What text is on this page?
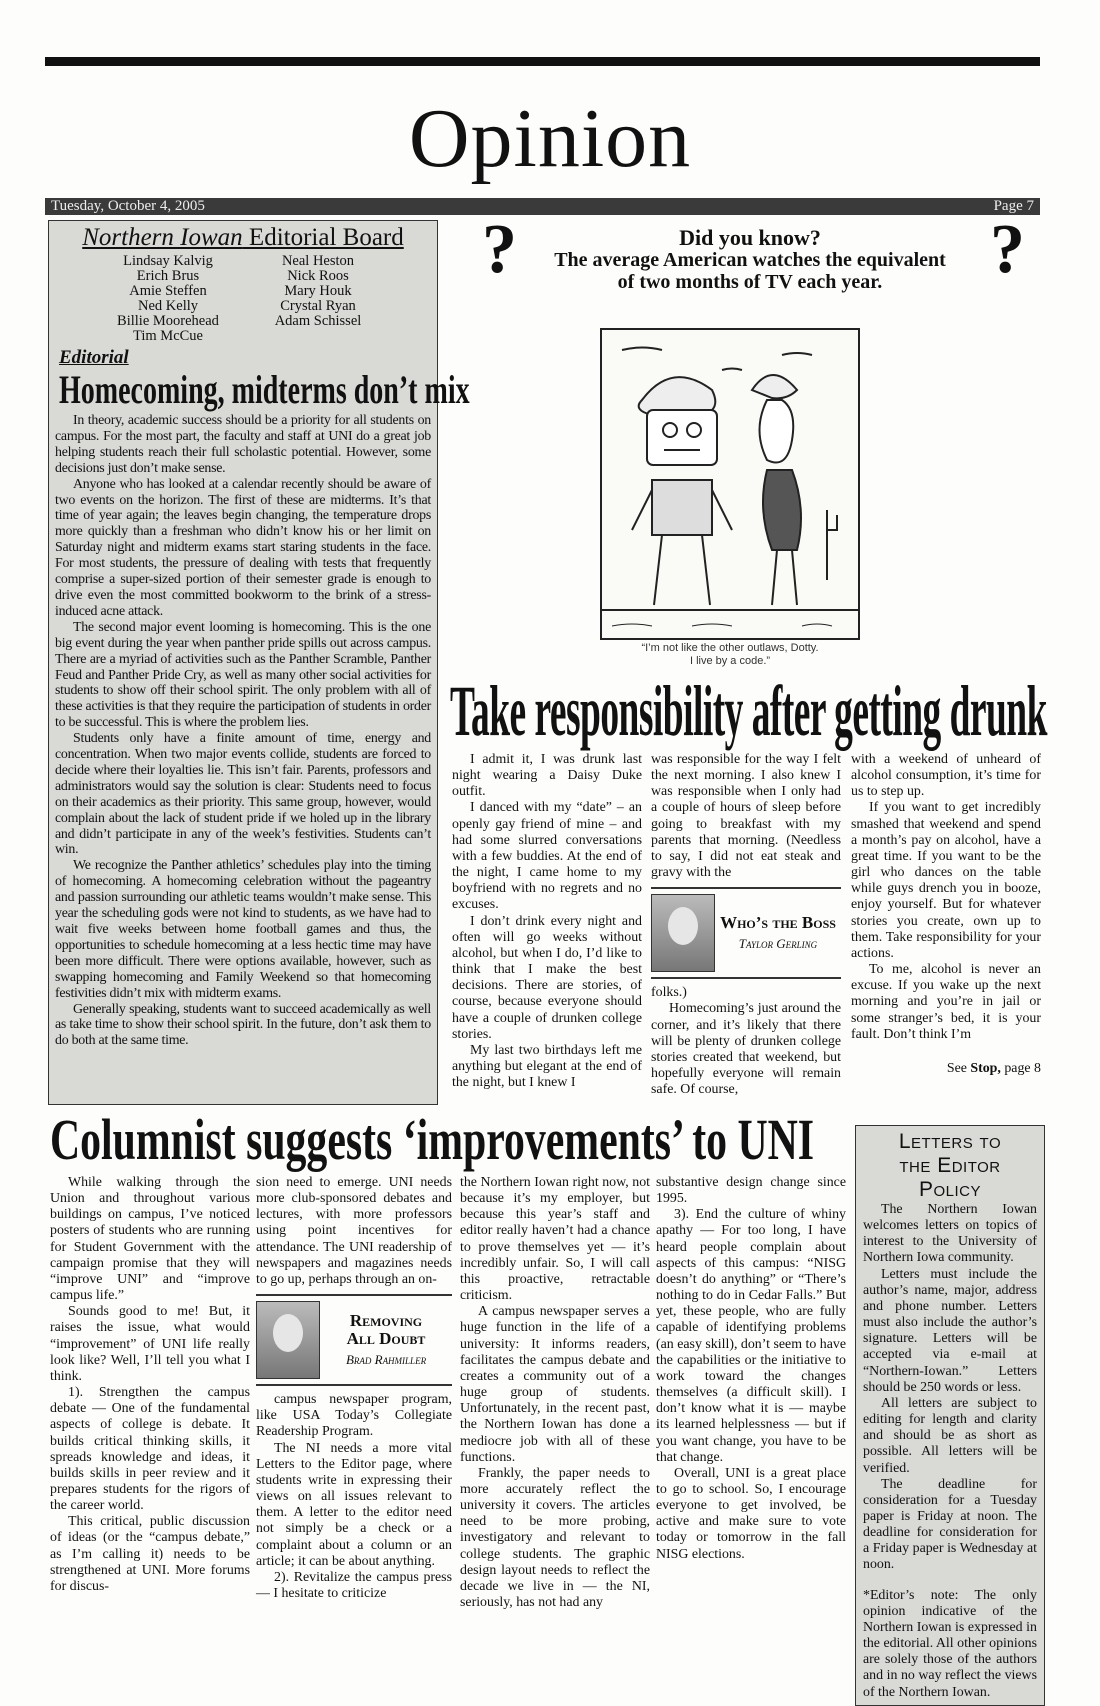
Opinion
Tuesday, October 4, 2005	Page 7
Northern Iowan Editorial Board
Lindsay Kalvig
Erich Brus
Amie Steffen
Ned Kelly
Billie Moorehead
Tim McCue
Neal Heston
Nick Roos
Mary Houk
Crystal Ryan
Adam Schissel
Editorial
Homecoming, midterms don’t mix

In theory, academic success should be a priority for all students on campus. For the most part, the faculty and staff at UNI do a great job helping students reach their full scholastic potential. However, some decisions just don’t make sense.

Anyone who has looked at a calendar recently should be aware of two events on the horizon. The first of these are midterms. It’s that time of year again; the leaves begin changing, the temperature drops more quickly than a freshman who didn’t know his or her limit on Saturday night and midterm exams start staring students in the face. For most students, the pressure of dealing with tests that frequently comprise a super-sized portion of their semester grade is enough to drive even the most committed bookworm to the brink of a stress-induced acne attack.

The second major event looming is homecoming. This is the one big event during the year when panther pride spills out across campus. There are a myriad of activities such as the Panther Scramble, Panther Feud and Panther Pride Cry, as well as many other social activities for students to show off their school spirit. The only problem with all of these activities is that they require the participation of students in order to be successful. This is where the problem lies.

Students only have a finite amount of time, energy and concentration. When two major events collide, students are forced to decide where their loyalties lie. This isn’t fair. Parents, professors and administrators would say the solution is clear: Students need to focus on their academics as their priority. This same group, however, would complain about the lack of student pride if we holed up in the library and didn’t participate in any of the week’s festivities. Students can’t win.

We recognize the Panther athletics’ schedules play into the timing of homecoming. A homecoming celebration without the pageantry and passion surrounding our athletic teams wouldn’t make sense. This year the scheduling gods were not kind to students, as we have had to wait five weeks between home football games and thus, the opportunities to schedule homecoming at a less hectic time may have been more difficult. There were options available, however, such as swapping homecoming and Family Weekend so that homecoming festivities didn’t mix with midterm exams.

Generally speaking, students want to succeed academically as well as take time to show their school spirit. In the future, don’t ask them to do both at the same time.

?	?
Did you know?
The average American watches the equivalent
of two months of TV each year.
“I’m not like the other outlaws, Dotty.
I live by a code.”
Take responsibility after getting drunk

I admit it, I was drunk last night wearing a Daisy Duke outfit.

I danced with my “date” – an openly gay friend of mine – and had some slurred conversations with a few buddies. At the end of the night, I came home to my boyfriend with no regrets and no excuses.

I don’t drink every night and often will go weeks without alcohol, but when I do, I’d like to think that I make the best decisions. There are stories, of course, because everyone should have a couple of drunken college stories.

My last two birthdays left me anything but elegant at the end of the night, but I knew I

was responsible for the way I felt the next morning. I also knew I was responsible when I only had a couple of hours of sleep before going to breakfast with my parents that morning. (Needless to say, I did not eat steak and gravy with the

Who’s the Boss
Taylor Gerling

folks.)

Homecoming’s just around the corner, and it’s likely that there will be plenty of drunken college stories created that weekend, but hopefully everyone will remain safe. Of course,

with a weekend of unheard of alcohol consumption, it’s time for us to step up.

If you want to get incredibly smashed that weekend and spend a month’s pay on alcohol, have a great time. If you want to be the girl who dances on the table while guys drench you in booze, enjoy yourself. But for whatever stories you create, own up to them. Take responsibility for your actions.

To me, alcohol is never an excuse. If you wake up the next morning and you’re in jail or some stranger’s bed, it is your fault. Don’t think I’m

See Stop, page 8
Columnist suggests ‘improvements’ to UNI

While walking through the Union and throughout various buildings on campus, I’ve noticed posters of students who are running for Student Government with the campaign promise that they will “improve UNI” and “improve campus life.”

Sounds good to me! But, it raises the issue, what would “improvement” of UNI life really look like? Well, I’ll tell you what I think.

1). Strengthen the campus debate — One of the fundamental aspects of college is debate. It builds critical thinking skills, it spreads knowledge and ideas, it builds skills in peer review and it prepares students for the rigors of the career world.

This critical, public discussion of ideas (or the “campus debate,” as I’m calling it) needs to be strengthened at UNI. More forums for discus-

sion need to emerge. UNI needs more club-sponsored debates and lectures, with more professors using point incentives for attendance. The UNI readership of newspapers and magazines needs to go up, perhaps through an on-

Removing
All Doubt
Brad Rahmiller

campus newspaper program, like USA Today’s Collegiate Readership Program.

The NI needs a more vital Letters to the Editor page, where students write in expressing their views on all issues relevant to them. A letter to the editor need not simply be a check or a complaint about a column or an article; it can be about anything.

2). Revitalize the campus press — I hesitate to criticize

the Northern Iowan right now, not because it’s my employer, but because this year’s staff and editor really haven’t had a chance to prove themselves yet — it’s incredibly unfair. So, I will call this proactive, retractable criticism.

A campus newspaper serves a huge function in the life of a university: It informs readers, facilitates the campus debate and creates a community out of a huge group of students. Unfortunately, in the recent past, the Northern Iowan has done a mediocre job with all of these functions.

Frankly, the paper needs to more accurately reflect the university it covers. The articles need to be more probing, investigatory and relevant to college students. The graphic design layout needs to reflect the decade we live in — the NI, seriously, has not had any

substantive design change since 1995.

3). End the culture of whiny apathy — For too long, I have heard people complain about aspects of this campus: “NISG doesn’t do anything” or “There’s nothing to do in Cedar Falls.” But yet, these people, who are fully capable of identifying problems (an easy skill), don’t seem to have the capabilities or the initiative to work toward the changes themselves (a difficult skill). I don’t know what it is — maybe its learned helplessness — but if you want change, you have to be that change.

Overall, UNI is a great place to go to school. So, I encourage everyone to get involved, be active and make sure to vote today or tomorrow in the fall NISG elections.

Letters to
the Editor
Policy

The Northern Iowan welcomes letters on topics of interest to the University of Northern Iowa community.

Letters must include the author’s name, major, address and phone number. Letters must also include the author’s signature. Letters will be accepted via e-mail at “Northern-Iowan.” Letters should be 250 words or less.

All letters are subject to editing for length and clarity and should be as short as possible. All letters will be verified.

The deadline for consideration for a Tuesday paper is Friday at noon. The deadline for consideration for a Friday paper is Wednesday at noon.

*Editor’s note: The only opinion indicative of the Northern Iowan is expressed in the editorial. All other opinions are solely those of the authors and in no way reflect the views of the Northern Iowan.
